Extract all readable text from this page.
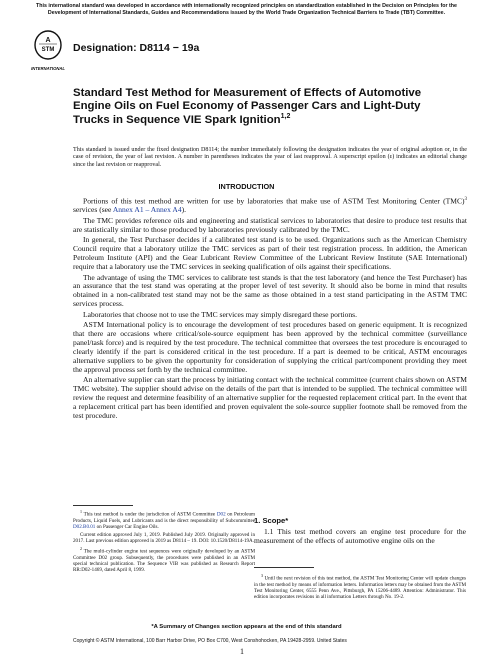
This international standard was developed in accordance with internationally recognized principles on standardization established in the Decision on Principles for the Development of International Standards, Guides and Recommendations issued by the World Trade Organization Technical Barriers to Trade (TBT) Committee.
A
STM
INTERNATIONAL
Designation: D8114 − 19a
Standard Test Method for Measurement of Effects of Automotive Engine Oils on Fuel Economy of Passenger Cars and Light-Duty Trucks in Sequence VIE Spark Ignition$^{1,2}$
This standard is issued under the fixed designation D8114; the number immediately following the designation indicates the year of original adoption or, in the case of revision, the year of last revision. A number in parentheses indicates the year of last reapproval. A superscript epsilon (ε) indicates an editorial change since the last revision or reapproval.
INTRODUCTION

Portions of this test method are written for use by laboratories that make use of ASTM Test Monitoring Center (TMC)$^3$ services (see Annex A1 – Annex A4).

The TMC provides reference oils and engineering and statistical services to laboratories that desire to produce test results that are statistically similar to those produced by laboratories previously calibrated by the TMC.

In general, the Test Purchaser decides if a calibrated test stand is to be used. Organizations such as the American Chemistry Council require that a laboratory utilize the TMC services as part of their test registration process. In addition, the American Petroleum Institute (API) and the Gear Lubricant Review Committee of the Lubricant Review Institute (SAE International) require that a laboratory use the TMC services in seeking qualification of oils against their specifications.

The advantage of using the TMC services to calibrate test stands is that the test laboratory (and hence the Test Purchaser) has an assurance that the test stand was operating at the proper level of test severity. It should also be borne in mind that results obtained in a non-calibrated test stand may not be the same as those obtained in a test stand participating in the ASTM TMC services process.

Laboratories that choose not to use the TMC services may simply disregard these portions.

ASTM International policy is to encourage the development of test procedures based on generic equipment. It is recognized that there are occasions where critical/sole-source equipment has been approved by the technical committee (surveillance panel/task force) and is required by the test procedure. The technical committee that oversees the test procedure is encouraged to clearly identify if the part is considered critical in the test procedure. If a part is deemed to be critical, ASTM encourages alternative suppliers to be given the opportunity for consideration of supplying the critical part/component providing they meet the approval process set forth by the technical committee.

An alternative supplier can start the process by initiating contact with the technical committee (current chairs shown on ASTM TMC website). The supplier should advise on the details of the part that is intended to be supplied. The technical committee will review the request and determine feasibility of an alternative supplier for the requested replacement critical part. In the event that a replacement critical part has been identified and proven equivalent the sole-source supplier footnote shall be removed from the test procedure.

$^1$ This test method is under the jurisdiction of ASTM Committee D02 on Petroleum Products, Liquid Fuels, and Lubricants and is the direct responsibility of Subcommittee D02.B0.01 on Passenger Car Engine Oils.

Current edition approved July 1, 2019. Published July 2019. Originally approved in 2017. Last previous edition approved in 2019 as D8114 – 19. DOI: 10.1520/D8114-19A.

$^2$ The multi-cylinder engine test sequences were originally developed by an ASTM Committee D02 group. Subsequently, the procedures were published in an ASTM special technical publication. The Sequence VIB was published as Research Report RR:D02-1469, dated April 8, 1999.

1. Scope*
1.1 This test method covers an engine test procedure for the measurement of the effects of automotive engine oils on the

$^3$ Until the next revision of this test method, the ASTM Test Monitoring Center will update changes in the test method by means of information letters. Information letters may be obtained from the ASTM Test Monitoring Center, 6555 Penn Ave., Pittsburgh, PA 15206-4489. Attention: Administrator. This edition incorporates revisions in all information Letters through No. 19-2.

*A Summary of Changes section appears at the end of this standard
Copyright © ASTM International, 100 Barr Harbor Drive, PO Box C700, West Conshohocken, PA 19428-2959. United States
1
